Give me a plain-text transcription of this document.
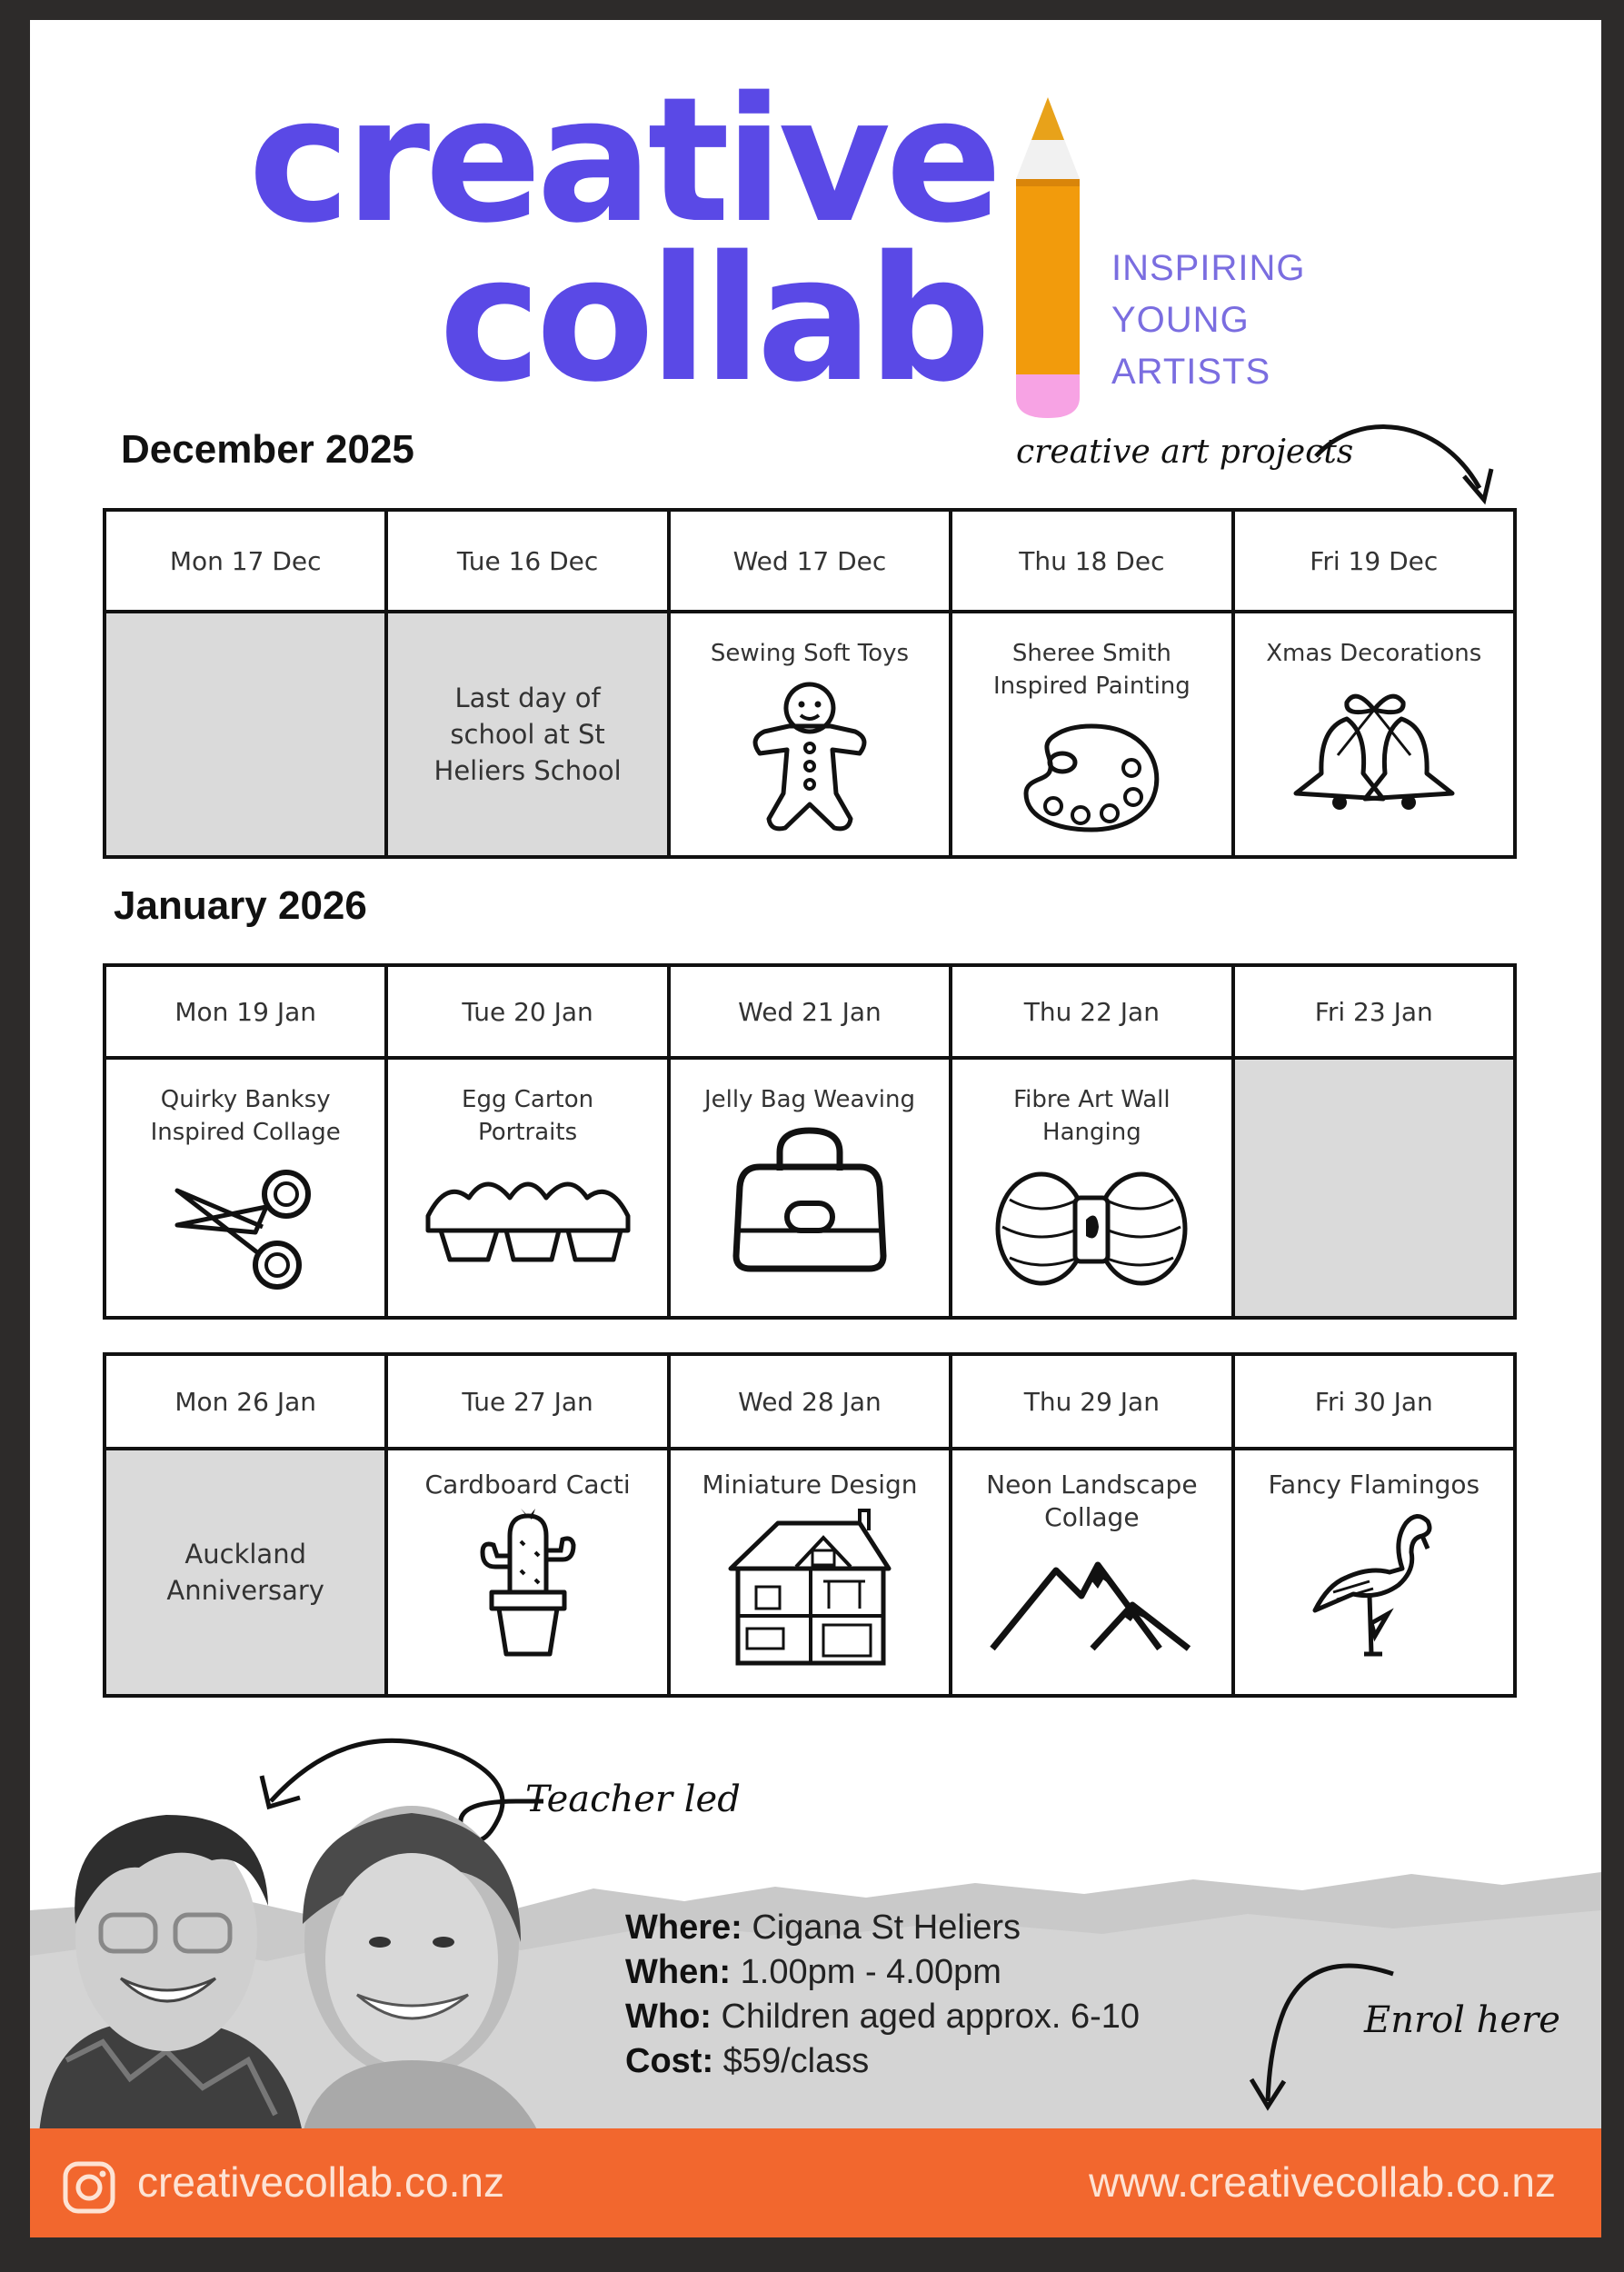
creative
collab	INSPIRING
YOUNG
ARTISTS
December 2025	creative art projects
Mon 17 Dec	Tue 16 Dec	Wed 17 Dec	Thu 18 Dec	Fri 19 Dec

	Last day of school at St Heliers School	Sewing Soft Toys	Sheree Smith Inspired Painting	Xmas Decorations
January 2026
Mon 19 Jan	Tue 20 Jan	Wed 21 Jan	Thu 22 Jan	Fri 23 Jan

Quirky Banksy Inspired Collage	Egg Carton Portraits	Jelly Bag Weaving	Fibre Art Wall Hanging	

Mon 26 Jan	Tue 27 Jan	Wed 28 Jan	Thu 29 Jan	Fri 30 Jan

Auckland Anniversary	Cardboard Cacti	Miniature Design	Neon Landscape Collage	Fancy Flamingos
Teacher led
Where: Cigana St Heliers
When: 1.00pm - 4.00pm
Who: Children aged approx. 6-10
Cost: $59/class
Enrol here
creativecollab.co.nz	www.creativecollab.co.nz
